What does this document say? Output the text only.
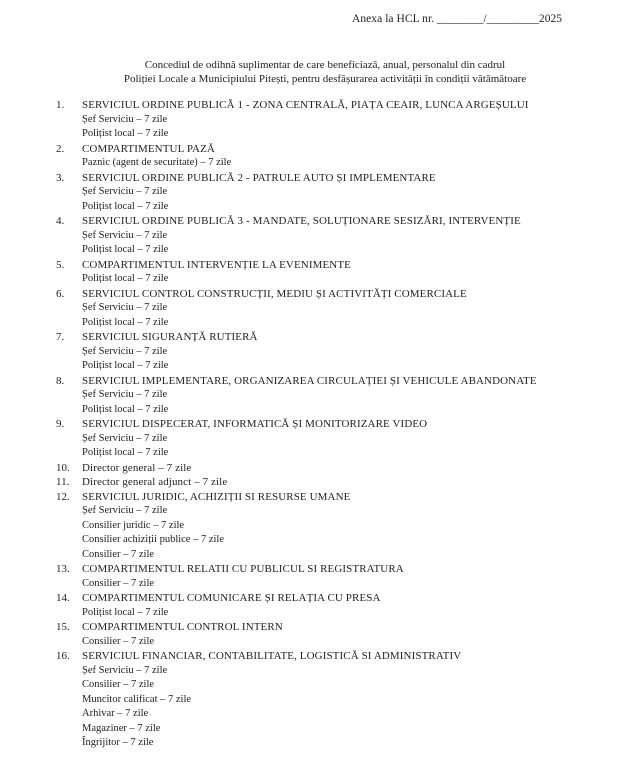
Anexa la HCL nr. ________/_________2025
Concediul de odihnă suplimentar de care beneficiază, anual, personalul din cadrul
Poliției Locale a Municipiului Pitești, pentru desfășurarea activității în condiții vătămătoare
1.	SERVICIUL ORDINE PUBLICĂ 1 - ZONA CENTRALĂ, PIAȚA CEAIR, LUNCA ARGEȘULUI
Șef Serviciu – 7 zile
Polițist local – 7 zile
2.	COMPARTIMENTUL PAZĂ
Paznic (agent de securitate) – 7 zile
3.	SERVICIUL ORDINE PUBLICĂ 2 - PATRULE AUTO ȘI IMPLEMENTARE
Șef Serviciu – 7 zile
Polițist local – 7 zile
4.	SERVICIUL ORDINE PUBLICĂ 3 - MANDATE, SOLUȚIONARE SESIZĂRI, INTERVENȚIE
Șef Serviciu – 7 zile
Polițist local – 7 zile
5.	COMPARTIMENTUL INTERVENȚIE LA EVENIMENTE
Polițist local – 7 zile
6.	SERVICIUL CONTROL CONSTRUCȚII, MEDIU ȘI ACTIVITĂȚI COMERCIALE
Șef Serviciu – 7 zile
Polițist local – 7 zile
7.	SERVICIUL SIGURANȚĂ RUTIERĂ
Șef Serviciu – 7 zile
Polițist local – 7 zile
8.	SERVICIUL IMPLEMENTARE, ORGANIZAREA CIRCULAȚIEI ȘI VEHICULE ABANDONATE
Șef Serviciu – 7 zile
Polițist local – 7 zile
9.	SERVICIUL DISPECERAT, INFORMATICĂ ȘI MONITORIZARE VIDEO
Șef Serviciu – 7 zile
Polițist local – 7 zile
10.	Director general – 7 zile
11.	Director general adjunct – 7 zile
12.	SERVICIUL JURIDIC, ACHIZIȚII SI RESURSE UMANE
Șef Serviciu – 7 zile
Consilier juridic – 7 zile
Consilier achiziții publice – 7 zile
Consilier – 7 zile
13.	COMPARTIMENTUL RELATII CU PUBLICUL SI REGISTRATURA
Consilier – 7 zile
14.	COMPARTIMENTUL COMUNICARE ȘI RELAȚIA CU PRESA
Polițist local – 7 zile
15.	COMPARTIMENTUL CONTROL INTERN
Consilier – 7 zile
16.	SERVICIUL FINANCIAR, CONTABILITATE, LOGISTICĂ SI ADMINISTRATIV
Șef Serviciu – 7 zile
Consilier – 7 zile
Muncitor calificat – 7 zile
Arhivar – 7 zile
Magaziner – 7 zile
Îngrijitor – 7 zile
